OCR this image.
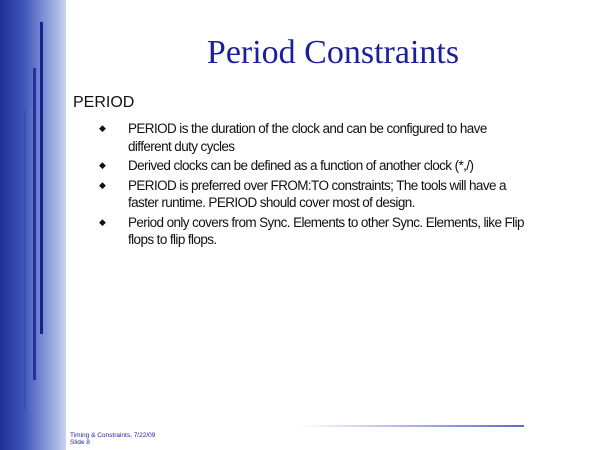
Period Constraints
PERIOD
◆ PERIOD is the duration of the clock and can be configured to have different duty cycles
◆ Derived clocks can be defined as a function of another clock (*,/)
◆ PERIOD is preferred over FROM:TO constraints; The tools will have a faster runtime. PERIOD should cover most of design.
◆ Period only covers from Sync. Elements to other Sync. Elements, like Flip flops to flip flops.
Timing & Constraints, 7/22/09
Slide 8
